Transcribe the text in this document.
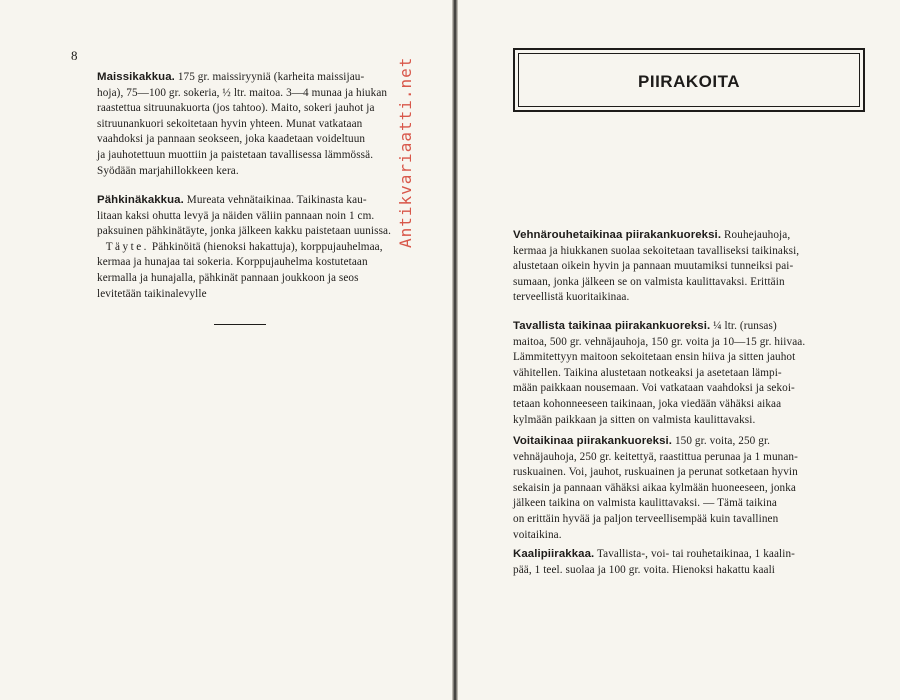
8

Maissikakkua. 175 gr. maissiryyniä (karheita maissijau-
hoja), 75—100 gr. sokeria, ½ ltr. maitoa. 3—4 munaa ja hiukan
raastettua sitruunakuorta (jos tahtoo). Maito, sokeri jauhot ja
sitruunankuori sekoitetaan hyvin yhteen. Munat vatkataan
vaahdoksi ja pannaan seokseen, joka kaadetaan voideltuun
ja jauhotettuun muottiin ja paistetaan tavallisessa lämmössä.
Syödään marjahillokkeen kera.

Pähkinäkakkua. Mureata vehnätaikinaa. Taikinasta kau-
litaan kaksi ohutta levyä ja näiden väliin pannaan noin 1 cm.
paksuinen pähkinätäyte, jonka jälkeen kakku paistetaan uunissa.
Täyte. Pähkinöitä (hienoksi hakattuja), korppujauhelmaa,
kermaa ja hunajaa tai sokeria. Korppujauhelma kostutetaan
kermalla ja hunajalla, pähkinät pannaan joukkoon ja seos
levitetään taikinalevylle

Antikvariaatti.net	PIIRAKOITA

Vehnärouhetaikinaa piirakankuoreksi. Rouhejauhoja,
kermaa ja hiukkanen suolaa sekoitetaan tavalliseksi taikinaksi,
alustetaan oikein hyvin ja pannaan muutamiksi tunneiksi pai-
sumaan, jonka jälkeen se on valmista kaulittavaksi. Erittäin
terveellistä kuoritaikinaa.

Tavallista taikinaa piirakankuoreksi. ¼ ltr. (runsas)
maitoa, 500 gr. vehnäjauhoja, 150 gr. voita ja 10—15 gr. hiivaa.
Lämmitettyyn maitoon sekoitetaan ensin hiiva ja sitten jauhot
vähitellen. Taikina alustetaan notkeaksi ja asetetaan lämpi-
mään paikkaan nousemaan. Voi vatkataan vaahdoksi ja sekoi-
tetaan kohonneeseen taikinaan, joka viedään vähäksi aikaa
kylmään paikkaan ja sitten on valmista kaulittavaksi.

Voitaikinaa piirakankuoreksi. 150 gr. voita, 250 gr.
vehnäjauhoja, 250 gr. keitettyä, raastittua perunaa ja 1 munan-
ruskuainen. Voi, jauhot, ruskuainen ja perunat sotketaan hyvin
sekaisin ja pannaan vähäksi aikaa kylmään huoneeseen, jonka
jälkeen taikina on valmista kaulittavaksi. — Tämä taikina
on erittäin hyvää ja paljon terveellisempää kuin tavallinen
voitaikina.

Kaalipiirakkaa. Tavallista-, voi- tai rouhetaikinaa, 1 kaalin-
pää, 1 teel. suolaa ja 100 gr. voita. Hienoksi hakattu kaali
